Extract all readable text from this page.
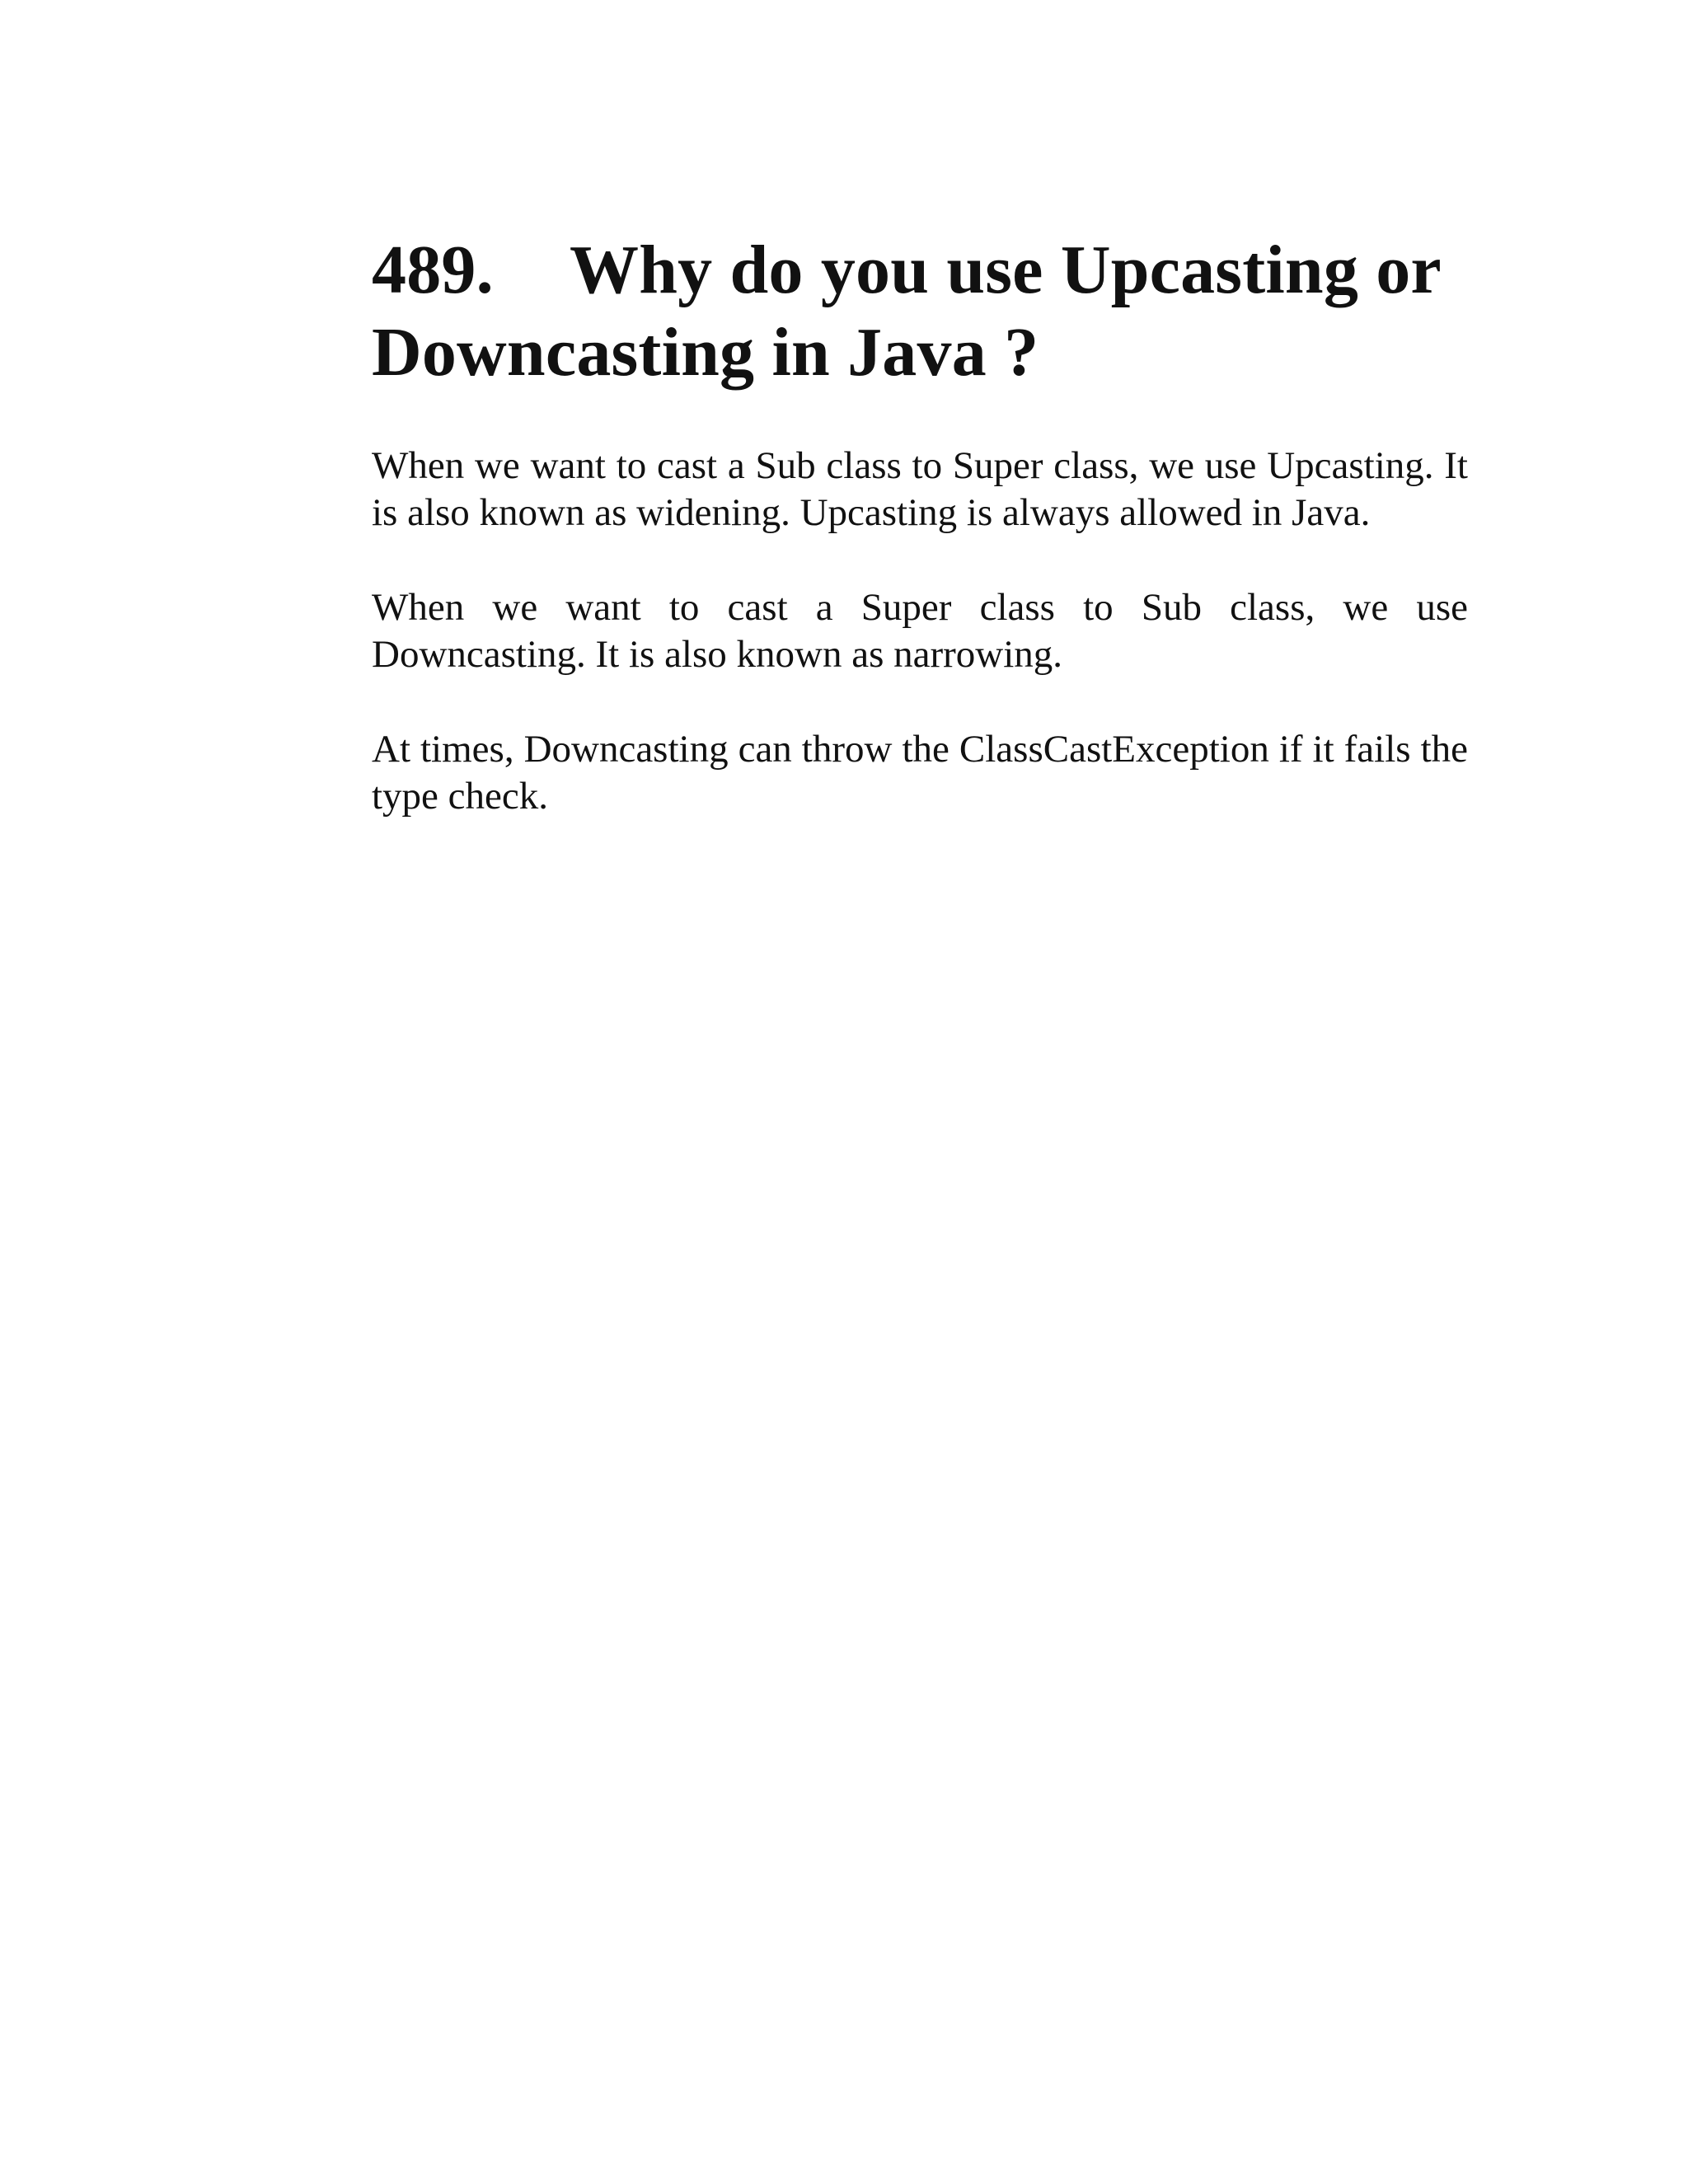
489. Why do you use Upcasting or Downcasting in Java ?

When we want to cast a Sub class to Super class, we use Upcasting. It is also known as widening. Upcasting is always allowed in Java.

When we want to cast a Super class to Sub class, we use Downcasting. It is also known as narrowing.

At times, Downcasting can throw the ClassCastException if it fails the type check.
